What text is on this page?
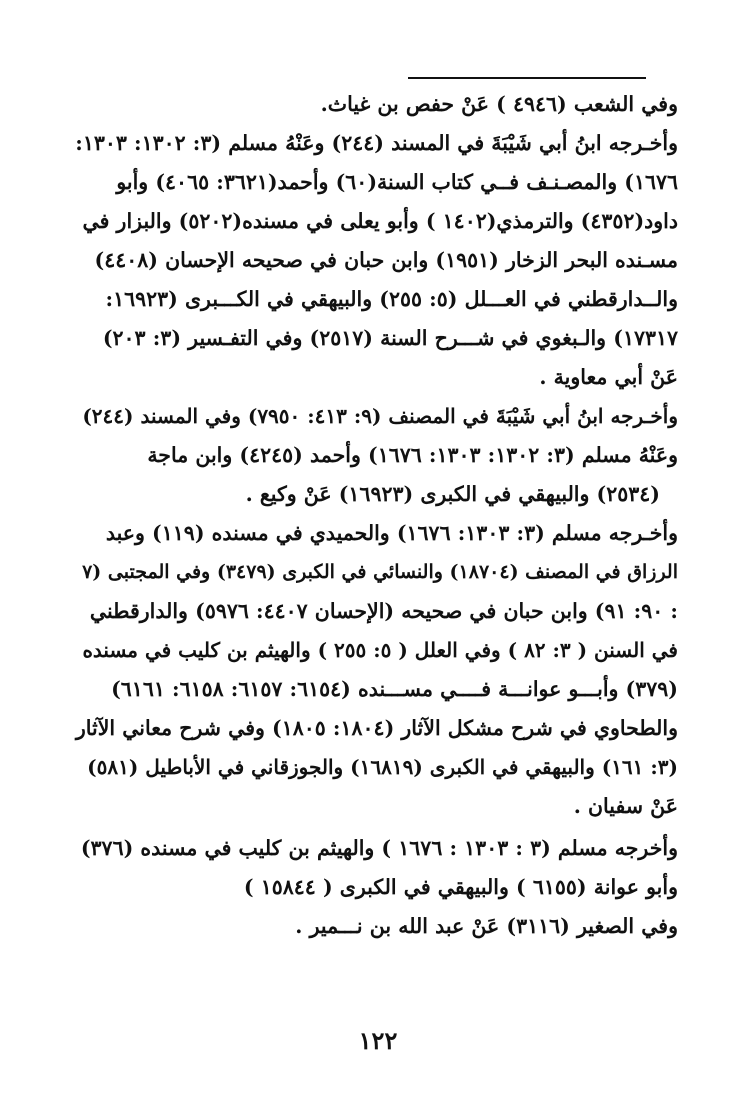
وفي الشعب (٤٩٤٦ ) عَنْ حفص بن غياث.
وأخـرجه ابنُ أبي شَيْبَةَ في المسند (٢٤٤) وعَنْهُ مسلم (٣: ١٣٠٢: ١٣٠٣:
١٦٧٦) والمصـنـف فــي كتاب السنة(٦٠) وأحمد(٣٦٢١: ٤٠٦٥) وأبو
داود(٤٣٥٢) والترمذي(١٤٠٢ ) وأبو يعلى في مسنده(٥٢٠٢) والبزار في
مسـنده البحر الزخار (١٩٥١) وابن حبان في صحيحه الإحسان (٤٤٠٨)
والــدارقطني في العـــلل (٥: ٢٥٥) والبيهقي في الكـــبرى (١٦٩٢٣:
١٧٣١٧) والـبغوي في شـــرح السنة (٢٥١٧) وفي التفـسير (٣: ٢٠٣)
عَنْ أبي معاوية .
وأخـرجه ابنُ أبي شَيْبَةَ في المصنف (٩: ٤١٣: ٧٩٥٠) وفي المسند (٢٤٤)
وعَنْهُ مسلم (٣: ١٣٠٢: ١٣٠٣: ١٦٧٦) وأحمد (٤٢٤٥) وابن ماجة
(٢٥٣٤) والبيهقي في الكبرى (١٦٩٢٣) عَنْ وكيع .
وأخـرجه مسلم (٣: ١٣٠٣: ١٦٧٦) والحميدي في مسنده (١١٩) وعبد
الرزاق في المصنف (١٨٧٠٤) والنسائي في الكبرى (٣٤٧٩) وفي المجتبى (٧
: ٩٠: ٩١) وابن حبان في صحيحه (الإحسان ٤٤٠٧: ٥٩٧٦) والدارقطني
في السنن ( ٣: ٨٢ ) وفي العلل ( ٥: ٢٥٥ ) والهيثم بن كليب في مسنده
(٣٧٩) وأبـــو عوانـــة فــــي مســـنده (٦١٥٤: ٦١٥٧: ٦١٥٨: ٦١٦١)
والطحاوي في شرح مشكل الآثار (١٨٠٤: ١٨٠٥) وفي شرح معاني الآثار
(٣: ١٦١) والبيهقي في الكبرى (١٦٨١٩) والجوزقاني في الأباطيل (٥٨١)
عَنْ سفيان .
وأخرجه مسلم (٣ : ١٣٠٣ : ١٦٧٦ ) والهيثم بن كليب في مسنده (٣٧٦)
وأبو عوانة (٦١٥٥ ) والبيهقي في الكبرى ( ١٥٨٤٤ )
وفي الصغير (٣١١٦) عَنْ عبد الله بن نـــمير .
١٢٢
